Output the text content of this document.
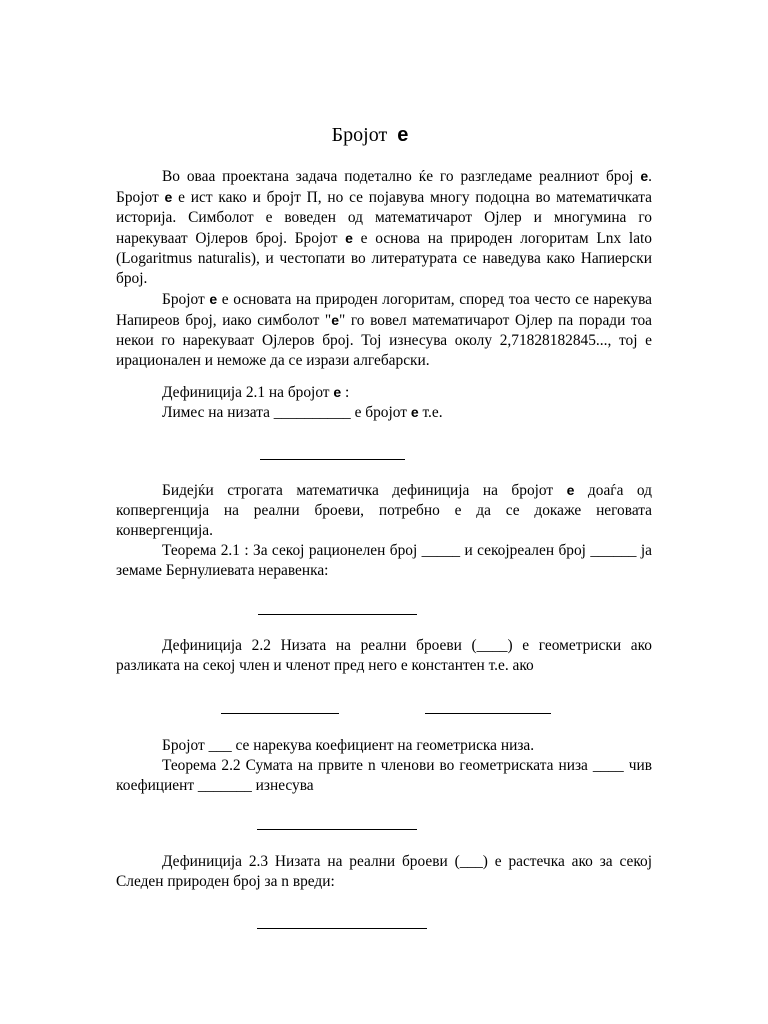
Бројот e

Во оваа проектана задача подетално ќе го разгледаме реалниот број e. Бројот e е ист како и бројт П, но се појавува многу подоцна во математичката историја. Симболот е воведен од математичарот Ојлер и многумина го нарекуваат Ојлеров број. Бројот e е основа на природен логоритам Lnx lato (Logaritmus naturalis), и честопати во литературата се наведува како Напиерски број.

Бројот e е основата на природен логоритам, според тоа често се нарекува Напиреов број, иако симболот "e" го вовел математичарот Ојлер па поради тоа некои го нарекуваат Ојлеров број. Тој изнесува околу 2,71828182845..., тој е ирационален и неможе да се изрази алгебарски.

Дефиниција 2.1 на бројот e :
Лимес на низата __________ е бројот e т.е.

Бидејќи строгата математичка дефиниција на бројот e доаѓа од копвергенција на реални броеви, потребно е да се докаже неговата конвергенција.

Теорема 2.1 : За секој рационелен број _____ и секојреален број ______ ја земаме Бернулиевата неравенка:

Дефиниција 2.2 Низата на реални броеви (____) е геометриски ако разликата на секој член и членот пред него е константен т.е. ако

Бројот ___ се нарекува коефициент на геометриска низа.

Теорема 2.2 Сумата на првите n членови во геометриската низа ____ чив коефициент _______ изнесува

Дефиниција 2.3 Низата на реални броеви (___) е растечка ако за секој Следен природен број за n вреди:
